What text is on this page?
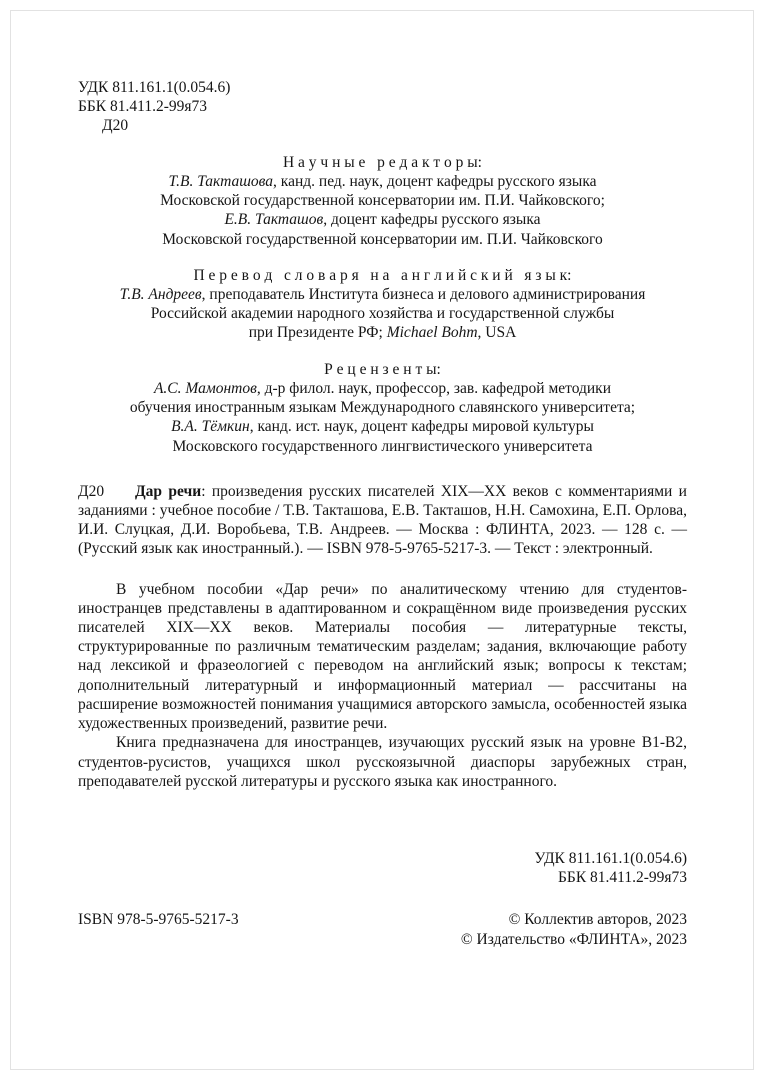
УДК 811.161.1(0.054.6)
ББК 81.411.2-99я73
Д20
Н а у ч н ы е   р е д а к т о р ы:
Т.В. Такташова, канд. пед. наук, доцент кафедры русского языка
Московской государственной консерватории им. П.И. Чайковского;
Е.В. Такташов, доцент кафедры русского языка
Московской государственной консерватории им. П.И. Чайковского
П е р е в о д   с л о в а р я   н а   а н г л и й с к и й   я з ы к:
Т.В. Андреев, преподаватель Института бизнеса и делового администрирования
Российской академии народного хозяйства и государственной службы
при Президенте РФ; Michael Bohm, USA
Р е ц е н з е н т ы:
А.С. Мамонтов, д-р филол. наук, профессор, зав. кафедрой методики
обучения иностранным языкам Международного славянского университета;
В.А. Тёмкин, канд. ист. наук, доцент кафедры мировой культуры
Московского государственного лингвистического университета
Д20	Дар речи: произведения русских писателей XIX—XX веков с комментариями и заданиями : учебное пособие / Т.В. Такташова, Е.В. Такташов, Н.Н. Самохина, Е.П. Орлова, И.И. Слуцкая, Д.И. Воробьева, Т.В. Андреев. — Москва : ФЛИНТА, 2023. — 128 с. — (Русский язык как иностранный.). — ISBN 978-5-9765-5217-3. — Текст : электронный.

В учебном пособии «Дар речи» по аналитическому чтению для студентов-иностранцев представлены в адаптированном и сокращённом виде произведения русских писателей XIX—XX веков. Материалы пособия — литературные тексты, структурированные по различным тематическим разделам; задания, включающие работу над лексикой и фразеологией с переводом на английский язык; вопросы к текстам; дополнительный литературный и информационный материал — рассчитаны на расширение возможностей понимания учащимися авторского замысла, особенностей языка художественных произведений, развитие речи.

Книга предназначена для иностранцев, изучающих русский язык на уровне B1-B2, студентов-русистов, учащихся школ русскоязычной диаспоры зарубежных стран, преподавателей русской литературы и русского языка как иностранного.

УДК 811.161.1(0.054.6)
ББК 81.411.2-99я73
ISBN 978-5-9765-5217-3	© Коллектив авторов, 2023
© Издательство «ФЛИНТА», 2023
